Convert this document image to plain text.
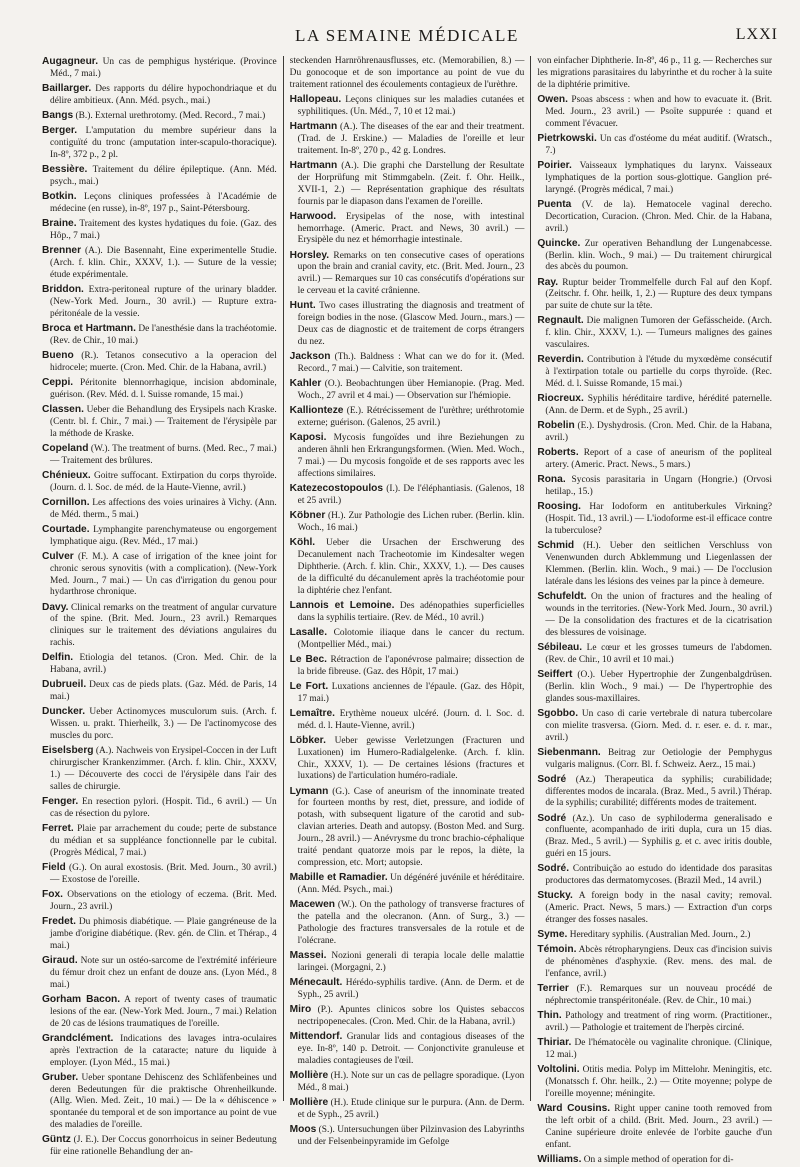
LA SEMAINE MÉDICALE	LXXI

Augagneur. Un cas de pemphigus hystérique. (Province Méd., 7 mai.)

Baillarger. Des rapports du délire hypochondriaque et du délire ambitieux. (Ann. Méd. psych., mai.)

Bangs (B.). External urethrotomy. (Med. Record., 7 mai.)

Berger. L'amputation du membre supérieur dans la contiguïté du tronc (amputation inter-scapulo-thoracique). In-8º, 372 p., 2 pl.

Bessière. Traitement du délire épileptique. (Ann. Méd. psych., mai.)

Botkin. Leçons cliniques professées à l'Académie de médecine (en russe), in-8º, 197 p., Saint-Pétersbourg.

Braine. Traitement des kystes hydatiques du foie. (Gaz. des Hôp., 7 mai.)

Brenner (A.). Die Basennaht, Eine experimentelle Studie. (Arch. f. klin. Chir., XXXV, 1.). — Suture de la vessie; étude expérimentale.

Briddon. Extra-peritoneal rupture of the urinary bladder. (New-York Med. Journ., 30 avril.) — Rupture extra-péritonéale de la vessie.

Broca et Hartmann. De l'anesthésie dans la trachéotomie. (Rev. de Chir., 10 mai.)

Bueno (R.). Tetanos consecutivo a la operacion del hidrocele; muerte. (Cron. Med. Chir. de la Habana, avril.)

Ceppi. Péritonite blennorrhagique, incision abdominale, guérison. (Rev. Méd. d. l. Suisse romande, 15 mai.)

Classen. Ueber die Behandlung des Erysipels nach Kraske. (Centr. bl. f. Chir., 7 mai.) — Traitement de l'érysipèle par la méthode de Kraske.

Copeland (W.). The treatment of burns. (Med. Rec., 7 mai.) — Traitement des brûlures.

Chénieux. Goitre suffocant. Extirpation du corps thyroïde. (Journ. d. l. Soc. de méd. de la Haute-Vienne, avril.)

Cornillon. Les affections des voies urinaires à Vichy. (Ann. de Méd. therm., 5 mai.)

Courtade. Lymphangite parenchymateuse ou engorgement lymphatique aigu. (Rev. Méd., 17 mai.)

Culver (F. M.). A case of irrigation of the knee joint for chronic serous synovitis (with a complication). (New-York Med. Journ., 7 mai.) — Un cas d'irrigation du genou pour hydarthrose chronique.

Davy. Clinical remarks on the treatment of angular curvature of the spine. (Brit. Med. Journ., 23 avril.) Remarques cliniques sur le traitement des déviations angulaires du rachis.

Delfin. Etiologia del tetanos. (Cron. Med. Chir. de la Habana, avril.)

Dubrueil. Deux cas de pieds plats. (Gaz. Méd. de Paris, 14 mai.)

Duncker. Ueber Actinomyces musculorum suis. (Arch. f. Wissen. u. prakt. Thierheilk, 3.) — De l'actinomycose des muscles du porc.

Eiselsberg (A.). Nachweis von Erysipel-Coccen in der Luft chirurgischer Krankenzimmer. (Arch. f. klin. Chir., XXXV, 1.) — Découverte des cocci de l'érysipèle dans l'air des salles de chirurgie.

Fenger. En resection pylori. (Hospit. Tid., 6 avril.) — Un cas de résection du pylore.

Ferret. Plaie par arrachement du coude; perte de substance du médian et sa suppléance fonctionnelle par le cubital. (Progrès Médical, 7 mai.)

Field (G.). On aural exostosis. (Brit. Med. Journ., 30 avril.) — Exostose de l'oreille.

Fox. Observations on the etiology of eczema. (Brit. Med. Journ., 23 avril.)

Fredet. Du phimosis diabétique. — Plaie gangréneuse de la jambe d'origine diabétique. (Rev. gén. de Clin. et Thérap., 4 mai.)

Giraud. Note sur un ostéo-sarcome de l'extrémité inférieure du fémur droit chez un enfant de douze ans. (Lyon Méd., 8 mai.)

Gorham Bacon. A report of twenty cases of traumatic lesions of the ear. (New-York Med. Journ., 7 mai.) Relation de 20 cas de lésions traumatiques de l'oreille.

Grandclément. Indications des lavages intra-oculaires après l'extraction de la cataracte; nature du liquide à employer. (Lyon Méd., 15 mai.)

Gruber. Ueber spontane Dehiscenz des Schläfenbeines und deren Bedeutungen für die praktische Ohrenheilkunde. (Allg. Wien. Med. Zeit., 10 mai.) — De la « déhiscence » spontanée du temporal et de son importance au point de vue des maladies de l'oreille.

Güntz (J. E.). Der Coccus gonorrhoicus in seiner Bedeutung für eine rationelle Behandlung der an-

steckenden Harnröhrenausflusses, etc. (Memorabilien, 8.) — Du gonocoque et de son importance au point de vue du traitement rationnel des écoulements contagieux de l'urèthre.

Hallopeau. Leçons cliniques sur les maladies cutanées et syphilitiques. (Un. Méd., 7, 10 et 12 mai.)

Hartmann (A.). The diseases of the ear and their treatment. (Trad. de J. Erskine.) — Maladies de l'oreille et leur traitement. In-8º, 270 p., 42 g. Londres.

Hartmann (A.). Die graphi che Darstellung der Resultate der Horprüfung mit Stimmgabeln. (Zeit. f. Ohr. Heilk., XVII-1, 2.) — Représentation graphique des résultats fournis par le diapason dans l'examen de l'oreille.

Harwood. Erysipelas of the nose, with intestinal hemorrhage. (Americ. Pract. and News, 30 avril.) — Erysipèle du nez et hémorrhagie intestinale.

Horsley. Remarks on ten consecutive cases of operations upon the brain and cranial cavity, etc. (Brit. Med. Journ., 23 avril.) — Remarques sur 10 cas consécutifs d'opérations sur le cerveau et la cavité crânienne.

Hunt. Two cases illustrating the diagnosis and treatment of foreign bodies in the nose. (Glascow Med. Journ., mars.) — Deux cas de diagnostic et de traitement de corps étrangers du nez.

Jackson (Th.). Baldness : What can we do for it. (Med. Record., 7 mai.) — Calvitie, son traitement.

Kahler (O.). Beobachtungen über Hemianopie. (Prag. Med. Woch., 27 avril et 4 mai.) — Observation sur l'hémiopie.

Kallionteze (E.). Rétrécissement de l'urèthre; uréthrotomie externe; guérison. (Galenos, 25 avril.)

Kaposi. Mycosis fungoïdes und ihre Beziehungen zu anderen ähnli hen Erkrangungsformen. (Wien. Med. Woch., 7 mai.) — Du mycosis fongoïde et de ses rapports avec les affections similaires.

Katezecostopoulos (I.). De l'éléphantiasis. (Galenos, 18 et 25 avril.)

Köbner (H.). Zur Pathologie des Lichen ruber. (Berlin. klin. Woch., 16 mai.)

Köhl. Ueber die Ursachen der Erschwerung des Decanulement nach Tracheotomie im Kindesalter wegen Diphtherie. (Arch. f. klin. Chir., XXXV, 1.). — Des causes de la difficulté du décanulement après la trachéotomie pour la diphtérie chez l'enfant.

Lannois et Lemoine. Des adénopathies superficielles dans la syphilis tertiaire. (Rev. de Méd., 10 avril.)

Lasalle. Colotomie iliaque dans le cancer du rectum. (Montpellier Méd., mai.)

Le Bec. Rétraction de l'aponévrose palmaire; dissection de la bride fibreuse. (Gaz. des Hôpit, 17 mai.)

Le Fort. Luxations anciennes de l'épaule. (Gaz. des Hôpit, 17 mai.)

Lemaître. Erythème noueux ulcéré. (Journ. d. l. Soc. d. méd. d. l. Haute-Vienne, avril.)

Löbker. Ueber gewisse Verletzungen (Fracturen und Luxationen) im Humero-Radialgelenke. (Arch. f. klin. Chir., XXXV, 1). — De certaines lésions (fractures et luxations) de l'articulation huméro-radiale.

Lymann (G.). Case of aneurism of the innominate treated for fourteen months by rest, diet, pressure, and iodide of potash, with subsequent ligature of the carotid and sub-clavian arteries. Death and autopsy. (Boston Med. and Surg. Journ., 28 avril.) — Anévrysme du tronc brachio-céphalique traité pendant quatorze mois par le repos, la diète, la compression, etc. Mort; autopsie.

Mabille et Ramadier. Un dégénéré juvénile et héréditaire. (Ann. Méd. Psych., mai.)

Macewen (W.). On the pathology of transverse fractures of the patella and the olecranon. (Ann. of Surg., 3.) — Pathologie des fractures transversales de la rotule et de l'olécrane.

Massei. Nozioni generali di terapia locale delle malattie laringei. (Morgagni, 2.)

Ménecault. Hérédo-syphilis tardive. (Ann. de Derm. et de Syph., 25 avril.)

Miro (P.). Apuntes clinicos sobre los Quistes sebaccos nectripopenecales. (Cron. Med. Chir. de la Habana, avril.)

Mittendorf. Granular lids and contagious diseases of the eye. In-8º, 140 p. Detroit. — Conjonctivite granuleuse et maladies contagieuses de l'œil.

Mollière (H.). Note sur un cas de pellagre sporadique. (Lyon Méd., 8 mai.)

Mollière (H.). Etude clinique sur le purpura. (Ann. de Derm. et de Syph., 25 avril.)

Moos (S.). Untersuchungen über Pilzinvasion des Labyrinths und der Felsenbeinpyramide im Gefolge

von einfacher Diphtherie. In-8º, 46 p., 11 g. — Recherches sur les migrations parasitaires du labyrinthe et du rocher à la suite de la diphtérie primitive.

Owen. Psoas abscess : when and how to evacuate it. (Brit. Med. Journ., 23 avril.) — Psoïte suppurée : quand et comment l'évacuer.

Pietrkowski. Un cas d'ostéome du méat auditif. (Wratsch., 7.)

Poirier. Vaisseaux lymphatiques du larynx. Vaisseaux lymphatiques de la portion sous-glottique. Ganglion pré-laryngé. (Progrès médical, 7 mai.)

Puenta (V. de la). Hematocele vaginal derecho. Decortication, Curacion. (Chron. Med. Chir. de la Habana, avril.)

Quincke. Zur operativen Behandlung der Lungenabcesse. (Berlin. klin. Woch., 9 mai.) — Du traitement chirurgical des abcès du poumon.

Ray. Ruptur beider Trommelfelle durch Fal auf den Kopf. (Zeitschr. f. Ohr. heilk, 1, 2.) — Rupture des deux tympans par suite de chute sur la tête.

Regnault. Die malignen Tumoren der Gefässcheide. (Arch. f. klin. Chir., XXXV, 1.). — Tumeurs malignes des gaines vasculaires.

Reverdin. Contribution à l'étude du myxœdème consécutif à l'extirpation totale ou partielle du corps thyroïde. (Rec. Méd. d. l. Suisse Romande, 15 mai.)

Riocreux. Syphilis héréditaire tardive, hérédité paternelle. (Ann. de Derm. et de Syph., 25 avril.)

Robelin (E.). Dyshydrosis. (Cron. Med. Chir. de la Habana, avril.)

Roberts. Report of a case of aneurism of the popliteal artery. (Americ. Pract. News., 5 mars.)

Rona. Sycosis parasitaria in Ungarn (Hongrie.) (Orvosi hetilap., 15.)

Roosing. Har Iodoform en antituberkules Virkning? (Hospit. Tid., 13 avril.) — L'iodoforme est-il efficace contre la tuberculose?

Schmid (H.). Ueber den seitlichen Verschluss von Venenwunden durch Abklemmung und Liegenlassen der Klemmen. (Berlin. klin. Woch., 9 mai.) — De l'occlusion latérale dans les lésions des veines par la pince à demeure.

Schufeldt. On the union of fractures and the healing of wounds in the territories. (New-York Med. Journ., 30 avril.) — De la consolidation des fractures et de la cicatrisation des blessures de voisinage.

Sébileau. Le cœur et les grosses tumeurs de l'abdomen. (Rev. de Chir., 10 avril et 10 mai.)

Seiffert (O.). Ueber Hypertrophie der Zungenbalgdrüsen. (Berlin. klin Woch., 9 mai.) — De l'hypertrophie des glandes sous-maxillaires.

Sgobbo. Un caso di carie vertebrale di natura tubercolare con mielite trasversa. (Giorn. Med. d. r. eser. e. d. r. mar., avril.)

Siebenmann. Beitrag zur Oetiologie der Pemphygus vulgaris malignus. (Corr. Bl. f. Schweiz. Aerz., 15 mai.)

Sodré (Az.) Therapeutica da syphilis; curabilidade; differentes modos de incarala. (Braz. Med., 5 avril.) Thérap. de la syphilis; curabilité; différents modes de traitement.

Sodré (Az.). Un caso de syphiloderma generalisado e confluente, acompanhado de iriti dupla, cura un 15 dias. (Braz. Med., 5 avril.) — Syphilis g. et c. avec iritis double, guéri en 15 jours.

Sodré. Contribuição ao estudo do identidade dos parasitas productores das dermatomycoses. (Brazil Med., 14 avril.)

Stucky. A foreign body in the nasal cavity; removal. (Americ. Pract. News, 5 mars.) — Extraction d'un corps étranger des fosses nasales.

Syme. Hereditary syphilis. (Australian Med. Journ., 2.)

Témoin. Abcès rétropharyngiens. Deux cas d'incision suivis de phénomènes d'asphyxie. (Rev. mens. des mal. de l'enfance, avril.)

Terrier (F.). Remarques sur un nouveau procédé de néphrectomie transpéritonéale. (Rev. de Chir., 10 mai.)

Thin. Pathology and treatment of ring worm. (Practitioner., avril.) — Pathologie et traitement de l'herpès circiné.

Thiriar. De l'hématocèle ou vaginalite chronique. (Clinique, 12 mai.)

Voltolini. Otitis media. Polyp im Mittelohr. Meningitis, etc. (Monatssch f. Ohr. heilk., 2.) — Otite moyenne; polype de l'oreille moyenne; méningite.

Ward Cousins. Right upper canine tooth removed from the left orbit of a child. (Brit. Med. Journ., 23 avril.) — Canine supérieure droite enlevée de l'orbite gauche d'un enfant.

Williams. On a simple method of operation for di-
